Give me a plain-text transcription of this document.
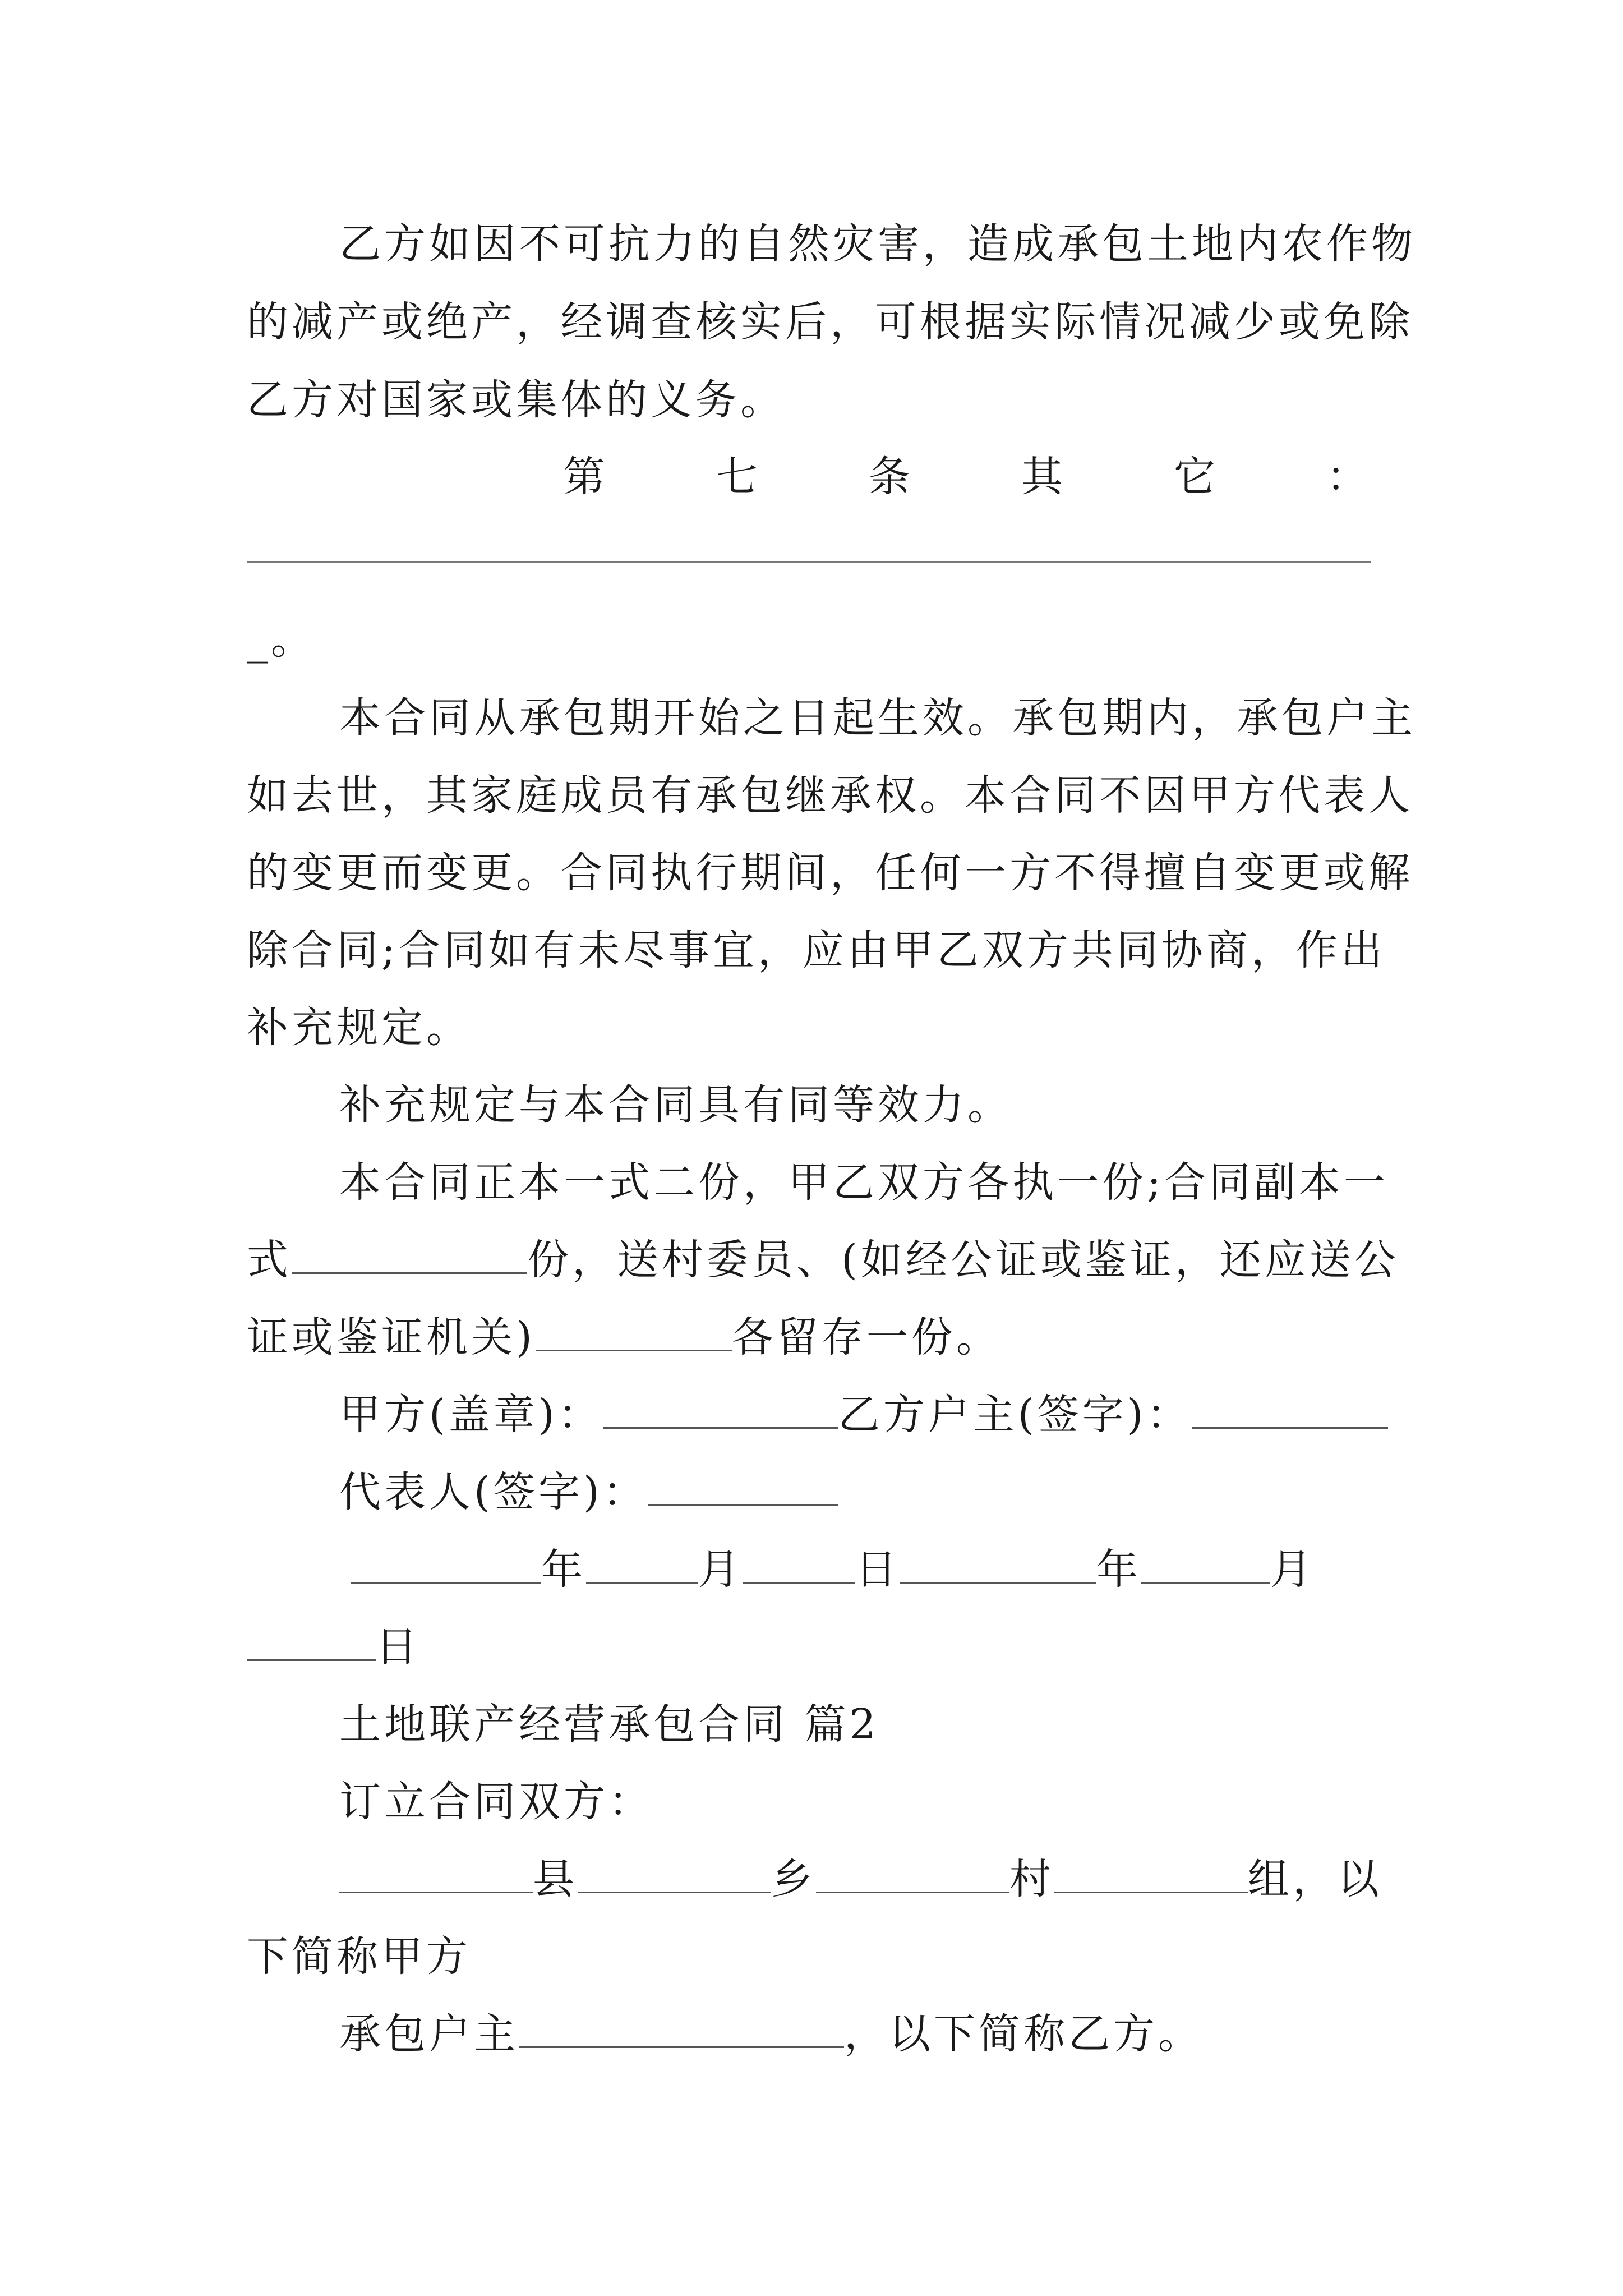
乙方如因不可抗力的自然灾害，造成承包土地内农作物
的减产或绝产，经调查核实后，可根据实际情况减少或免除
乙方对国家或集体的义务。
第	七	条	其	它	：
_。
本合同从承包期开始之日起生效。承包期内，承包户主
如去世，其家庭成员有承包继承权。本合同不因甲方代表人
的变更而变更。合同执行期间，任何一方不得擅自变更或解
除合同;合同如有未尽事宜，应由甲乙双方共同协商，作出
补充规定。
补充规定与本合同具有同等效力。
本合同正本一式二份，甲乙双方各执一份;合同副本一
式	份，送村委员、(如经公证或鉴证，还应送公
证或鉴证机关)	各留存一份。
甲方(盖章)：	乙方户主(签字)：
代表人(签字)：
年	月	日	年	月
日
土地联产经营承包合同 篇2
订立合同双方：
县	乡	村	组，以
下简称甲方
承包户主	，以下简称乙方。
